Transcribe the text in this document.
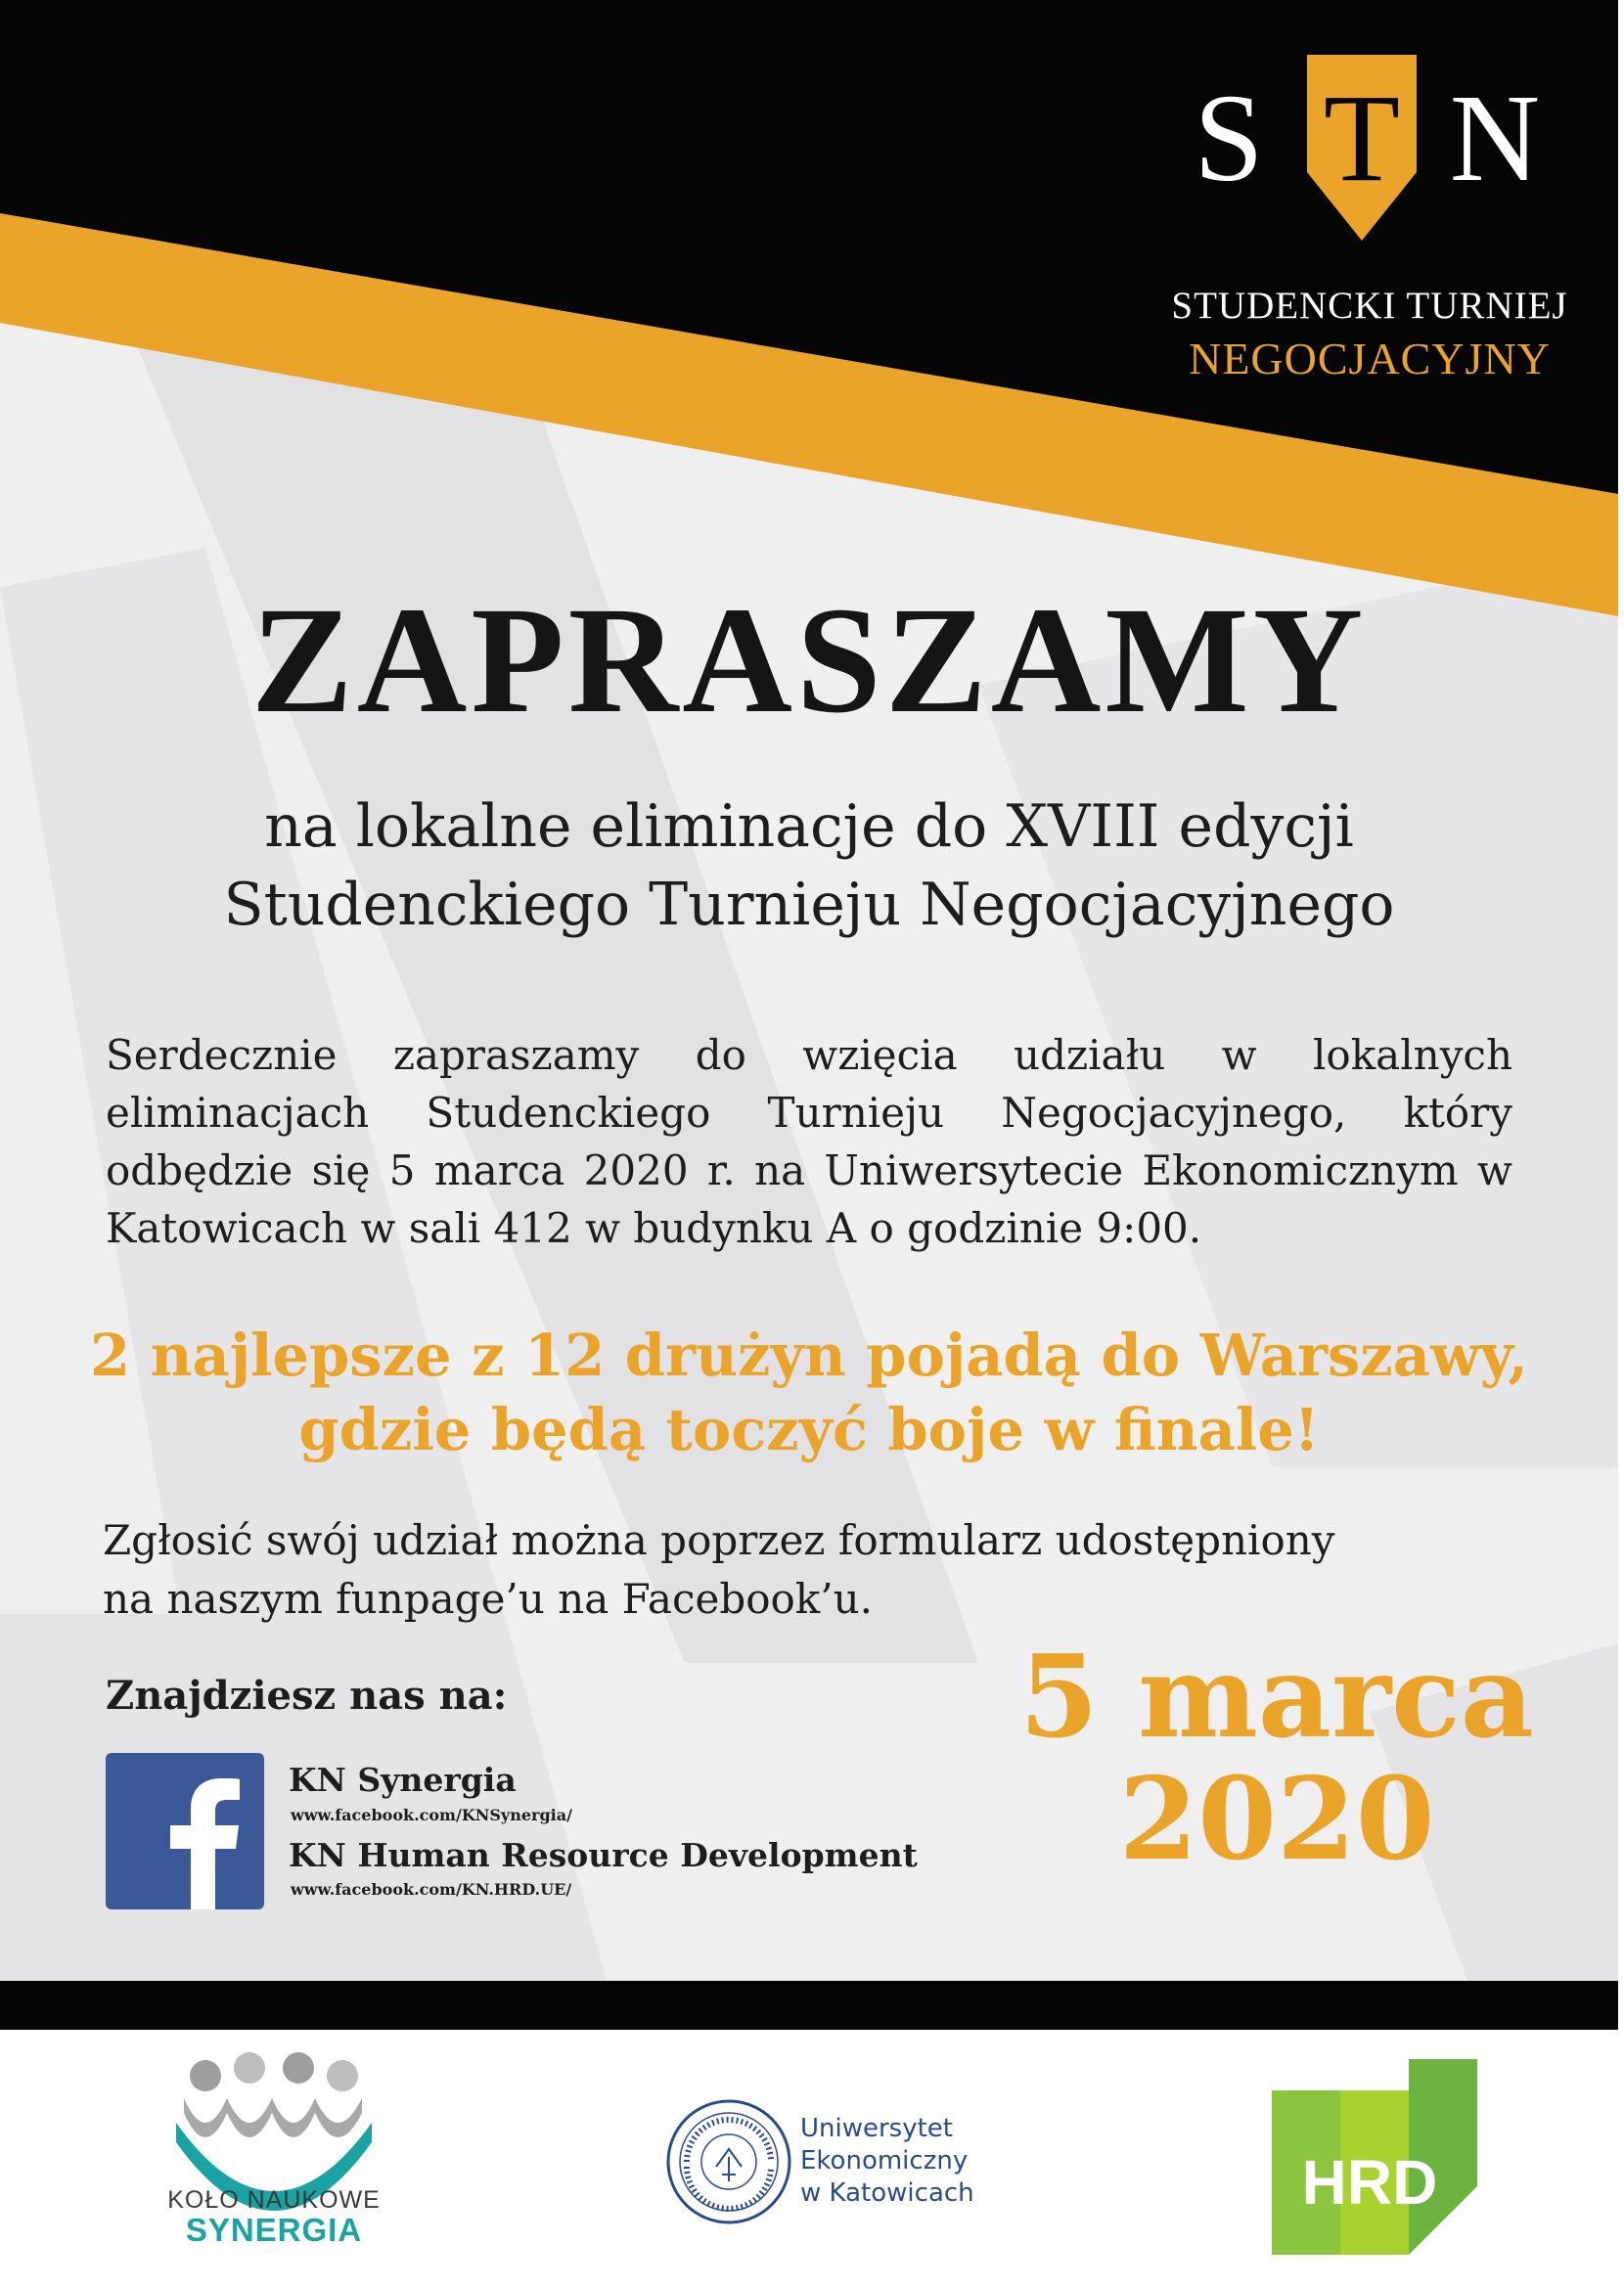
S T N
STUDENCKI TURNIEJ
NEGOCJACYJNY
ZAPRASZAMY
na lokalne eliminacje do XVIII edycji
Studenckiego Turnieju Negocjacyjnego
Serdecznie zapraszamy do wzięcia udziału w lokalnych eliminacjach Studenckiego Turnieju Negocjacyjnego, który odbędzie się 5 marca 2020 r. na Uniwersytecie Ekonomicznym w Katowicach w sali 412 w budynku A o godzinie 9:00.
2 najlepsze z 12 drużyn pojadą do Warszawy,
gdzie będą toczyć boje w finale!
Zgłosić swój udział można poprzez formularz udostępniony
na naszym funpage’u na Facebook’u.
Znajdziesz nas na:
KN Synergia
www.facebook.com/KNSynergia/
KN Human Resource Development
www.facebook.com/KN.HRD.UE/
5 marca
2020
KOŁO NAUKOWE
SYNERGIA
Uniwersytet
Ekonomiczny
w Katowicach	HRD
